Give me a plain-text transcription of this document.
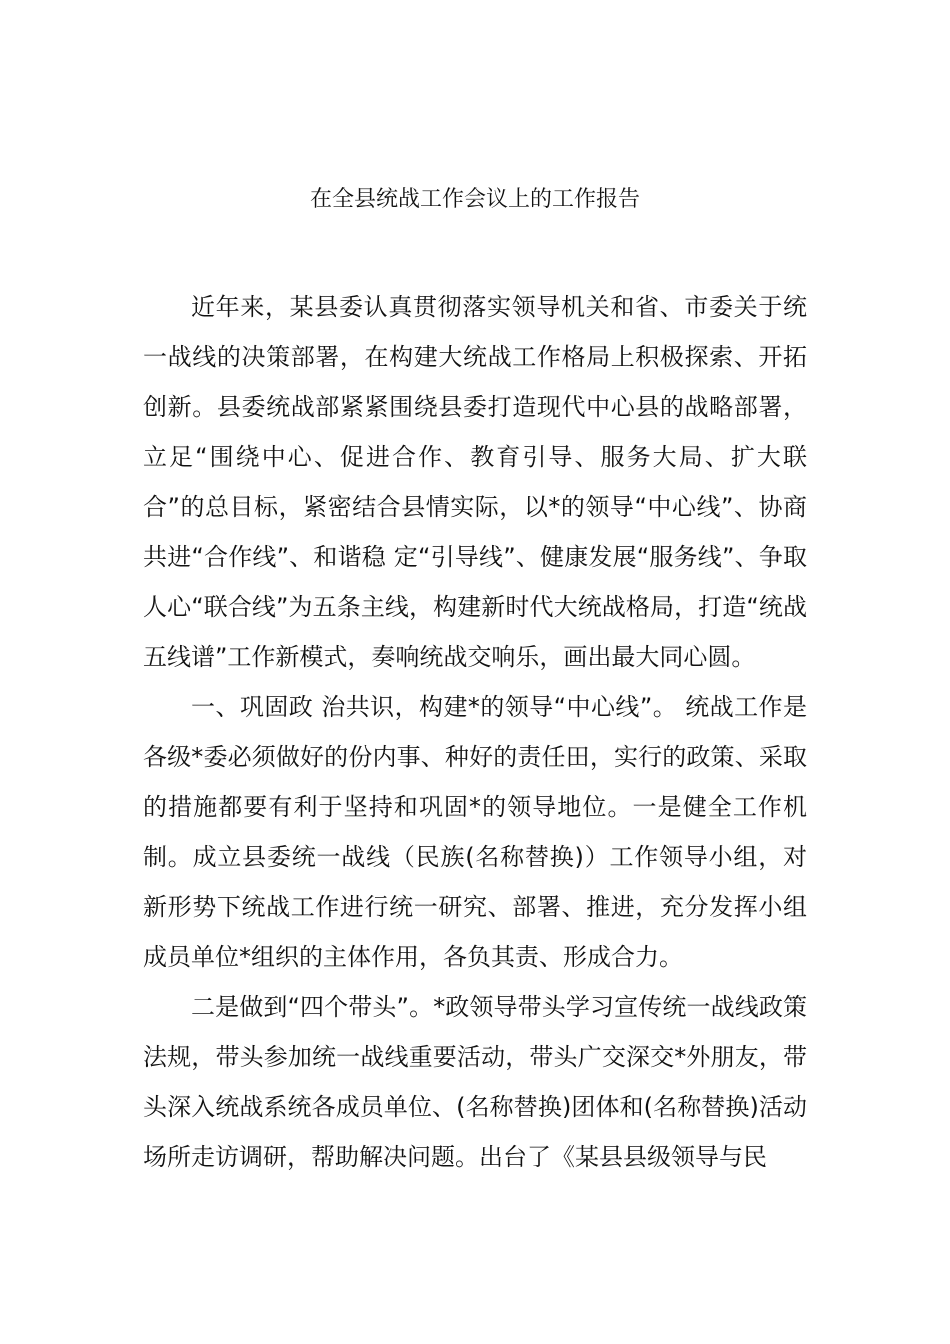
在全县统战工作会议上的工作报告

近年来，某县委认真贯彻落实领导机关和省、市委关于统一战线的决策部署，在构建大统战工作格局上积极探索、开拓创新。县委统战部紧紧围绕县委打造现代中心县的战略部署，立足“围绕中心、促进合作、教育引导、服务大局、扩大联合”的总目标，紧密结合县情实际，以*的领导“中心线”、协商共进“合作线”、和谐稳 定“引导线”、健康发展“服务线”、争取人心“联合线”为五条主线，构建新时代大统战格局，打造“统战五线谱”工作新模式，奏响统战交响乐，画出最大同心圆。

一、巩固政 治共识，构建*的领导“中心线”。 统战工作是各级*委必须做好的份内事、种好的责任田，实行的政策、采取的措施都要有利于坚持和巩固*的领导地位。一是健全工作机制。成立县委统一战线（民族(名称替换)）工作领导小组，对新形势下统战工作进行统一研究、部署、推进，充分发挥小组成员单位*组织的主体作用，各负其责、形成合力。

二是做到“四个带头”。*政领导带头学习宣传统一战线政策法规，带头参加统一战线重要活动，带头广交深交*外朋友，带头深入统战系统各成员单位、(名称替换)团体和(名称替换)活动场所走访调研，帮助解决问题。出台了《某县县级领导与民
